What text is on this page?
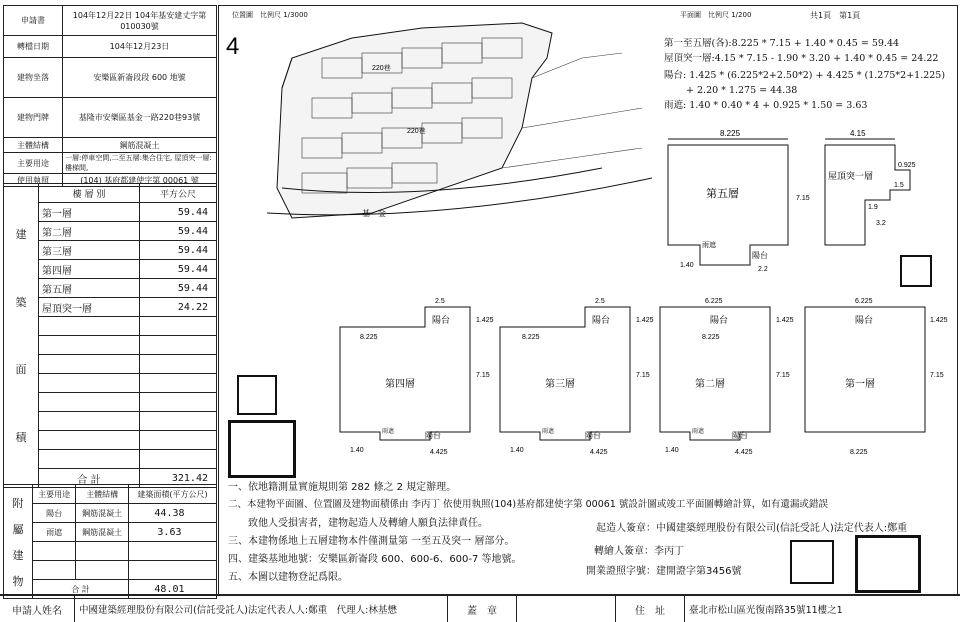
申請書	104年12月22日 104年基安建丈字第010030號
轉檔日期	104年12月23日
建物坐落	安樂區新崙段段 600 地號
建物門牌	基隆市安樂區基金一路220巷93號
主體結構	鋼筋混凝土
主要用途	一層:停車空間,二至五層:集合住宅, 屋頂突一層:樓梯間,
使用執照	(104) 基府都建使字第 00061 號
建
築
面
積	樓 層 別	平方公尺
	第一層	59.44
	第二層	59.44
	第三層	59.44
	第四層	59.44
	第五層	59.44
	屋頂突一層	24.22

	合 計	321.42
附
屬
建
物	主要用途	主體結構	建築面積(平方公尺)
	陽台	鋼筋混凝土	44.38
	雨遮	鋼筋混凝土	3.63

	合 計		48.01
位置圖　比例尺 1/3000	平面圖　比例尺 1/200	共1頁　第1頁
4
220巷
220巷
基　金
第一至五層(各):8.225 * 7.15 + 1.40 * 0.45 = 59.44
屋頂突一層:4.15 * 7.15 - 1.90 * 3.20 + 1.40 * 0.45 = 24.22
陽台: 1.425 * (6.225*2+2.50*2) + 4.425 * (1.275*2+1.225)
　　 + 2.20 * 1.275 = 44.38
雨遮: 1.40 * 0.40 * 4 + 0.925 * 1.50 = 3.63
8.225	4.15
第五層
屋頂突一層
陽台
雨遮
0.925
1.5
1.9
7.15
3.2
1.40
2.2
第四層	第三層	第二層	第一層
陽台	陽台	陽台	陽台
陽台	陽台	陽台
雨遮	雨遮	雨遮
2.5	2.5	6.225	6.225
8.225	8.225	8.225
8.225
4.425	4.425	4.425
1.40	1.40	1.40
7.15	7.15	7.15	7.15
1.425	1.425	1.425	1.425
一、依地籍測量實施規則第 282 條之 2 規定辦理。
二、本建物平面圖、位置圖及建物面積係由 李丙丁 依使用執照(104)基府都建使字第 00061 號設計圖或竣工平面圖轉繪計算，如有遺漏或錯誤
　　致他人受損害者，建物起造人及轉繪人願負法律責任。
三、本建物係地上五層建物本件僅測量第 一至五及突一 層部分。
四、建築基地地號：安樂區新崙段 600、600-6、600-7 等地號。
五、本圖以建物登記爲限。
起造人簽章：中國建築經理股份有限公司(信託受託人)法定代表人:鄭重
轉繪人簽章：李丙丁
開業證照字號：建開證字第3456號
申請人姓名	中國建築經理股份有限公司(信託受託人)法定代表人人:鄭重　代理人:林基懋	蓋　章	住　址	臺北市松山區光復南路35號11樓之1
